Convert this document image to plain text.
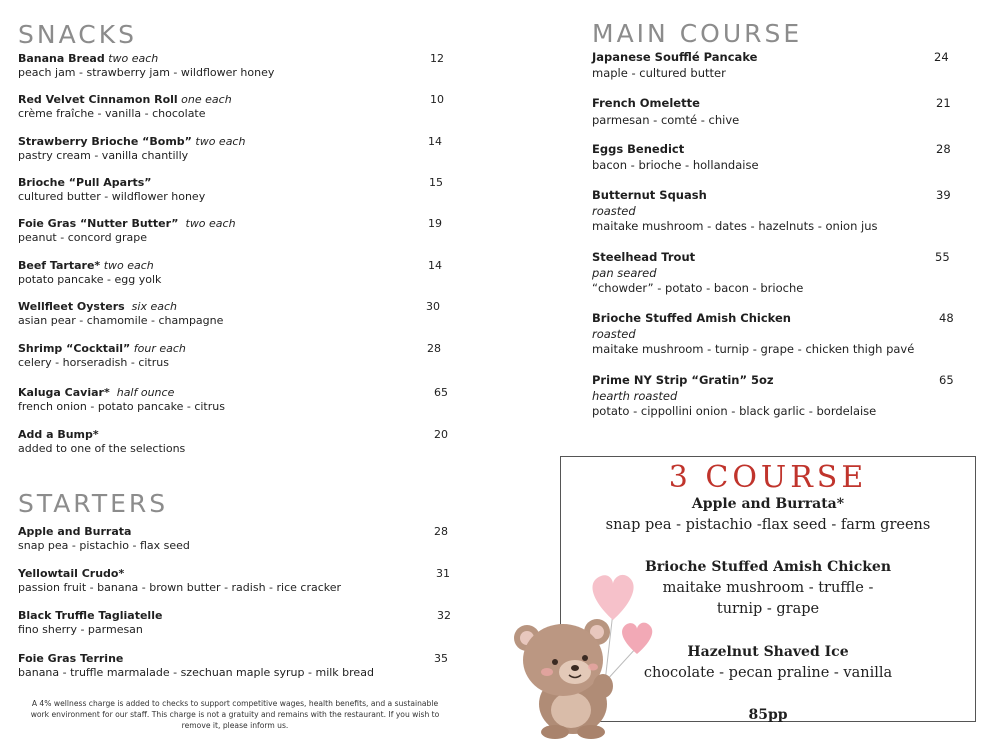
SNACKS
Banana Bread two each
peach jam - strawberry jam - wildflower honey
12
Red Velvet Cinnamon Roll one each
crème fraîche - vanilla - chocolate
10
Strawberry Brioche “Bomb” two each
pastry cream - vanilla chantilly
14
Brioche “Pull Aparts”
cultured butter - wildflower honey
15
Foie Gras “Nutter Butter” two each
peanut - concord grape
19
Beef Tartare* two each
potato pancake - egg yolk
14
Wellfleet Oysters six each
asian pear - chamomile - champagne
30
Shrimp “Cocktail” four each
celery - horseradish - citrus
28
Kaluga Caviar* half ounce
french onion - potato pancake - citrus
65
Add a Bump*
added to one of the selections
20
STARTERS
Apple and Burrata
snap pea - pistachio - flax seed
28
Yellowtail Crudo*
passion fruit - banana - brown butter - radish - rice cracker
31
Black Truffle Tagliatelle
fino sherry - parmesan
32
Foie Gras Terrine
banana - truffle marmalade - szechuan maple syrup - milk bread
35
A 4% wellness charge is added to checks to support competitive wages, health benefits, and a sustainable work environment for our staff. This charge is not a gratuity and remains with the restaurant. If you wish to remove it, please inform us.
MAIN COURSE
Japanese Soufflé Pancake
maple - cultured butter
24
French Omelette
parmesan - comté - chive
21
Eggs Benedict
bacon - brioche - hollandaise
28
Butternut Squash
roasted
maitake mushroom - dates - hazelnuts - onion jus
39
Steelhead Trout
pan seared
“chowder” - potato - bacon - brioche
55
Brioche Stuffed Amish Chicken
roasted
maitake mushroom - turnip - grape - chicken thigh pavé
48
Prime NY Strip “Gratin” 5oz
hearth roasted
potato - cippollini onion - black garlic - bordelaise
65
3 COURSE
Apple and Burrata*
snap pea - pistachio -flax seed - farm greens
Brioche Stuffed Amish Chicken
maitake mushroom - truffle -
turnip - grape
Hazelnut Shaved Ice
chocolate - pecan praline - vanilla
85pp
